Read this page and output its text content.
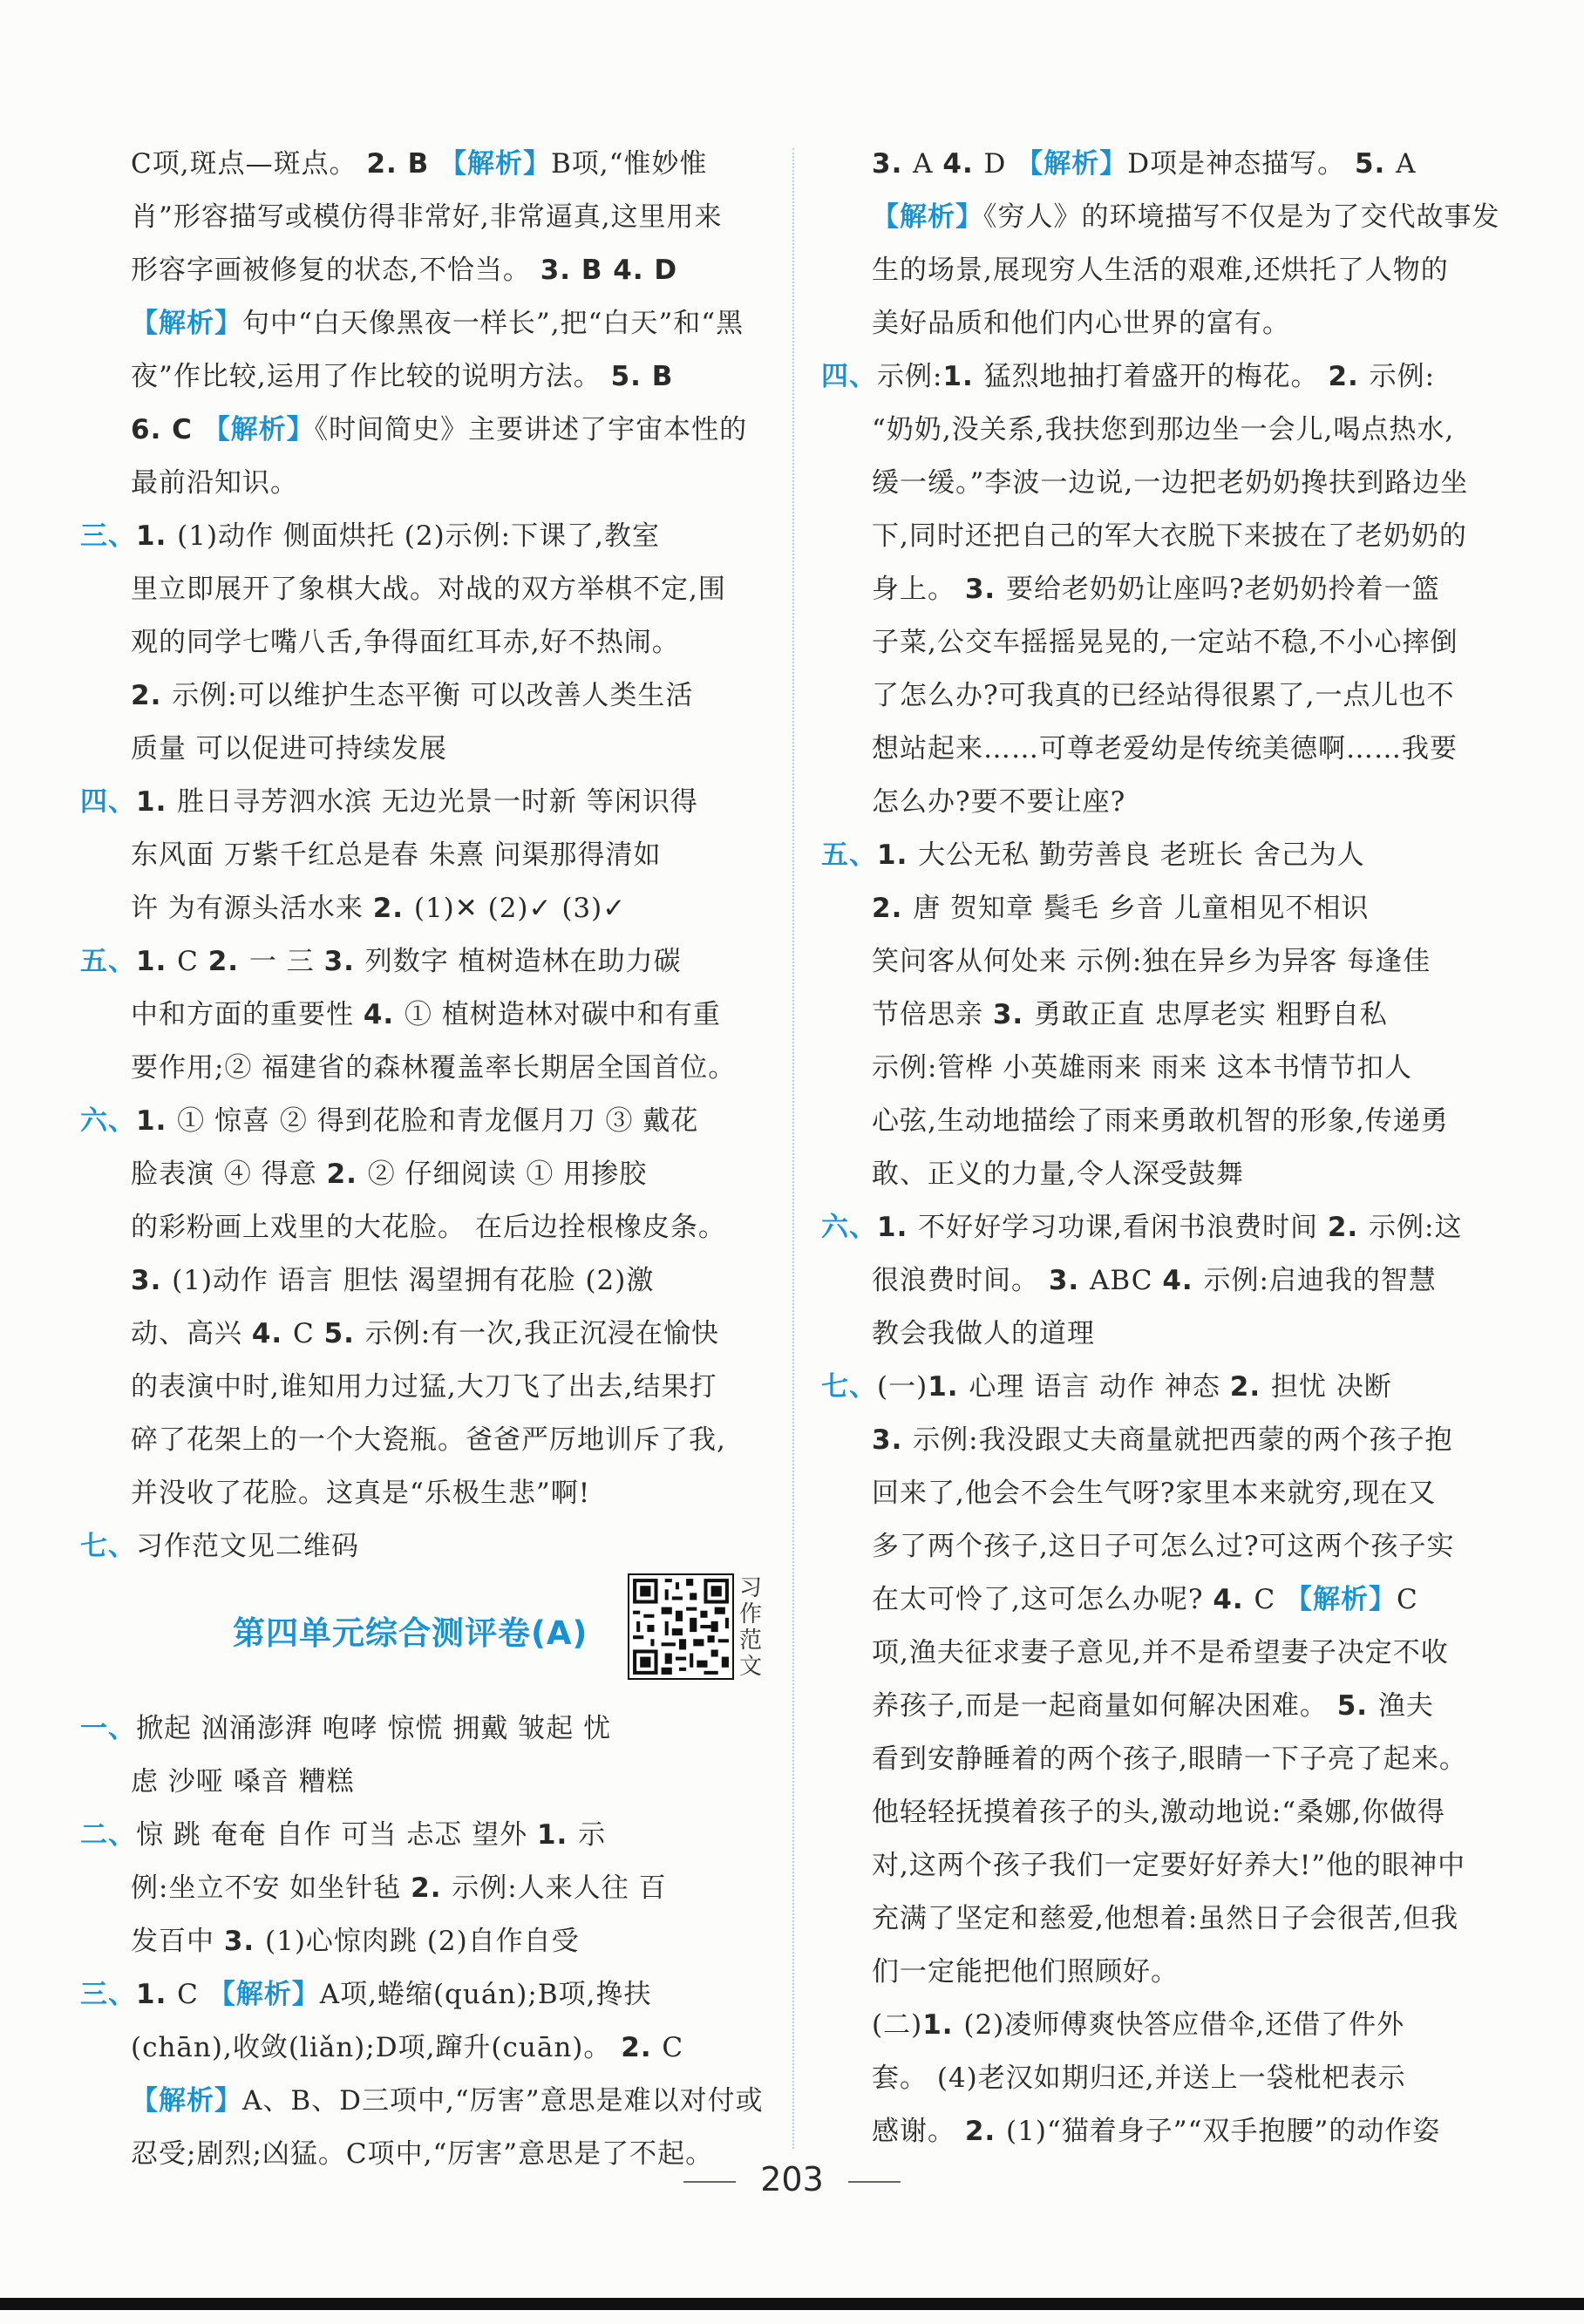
C项,斑点—斑点。 2. B 【解析】B项,“惟妙惟
肖”形容描写或模仿得非常好,非常逼真,这里用来
形容字画被修复的状态,不恰当。 3. B 4. D
【解析】句中“白天像黑夜一样长”,把“白天”和“黑
夜”作比较,运用了作比较的说明方法。 5. B
6. C 【解析】《时间简史》主要讲述了宇宙本性的
最前沿知识。
三、1. (1)动作 侧面烘托 (2)示例:下课了,教室
里立即展开了象棋大战。对战的双方举棋不定,围
观的同学七嘴八舌,争得面红耳赤,好不热闹。
2. 示例:可以维护生态平衡 可以改善人类生活
质量 可以促进可持续发展
四、1. 胜日寻芳泗水滨 无边光景一时新 等闲识得
东风面 万紫千红总是春 朱熹 问渠那得清如
许 为有源头活水来 2. (1)✕ (2)✓ (3)✓
五、1. C 2. 一 三 3. 列数字 植树造林在助力碳
中和方面的重要性 4. ① 植树造林对碳中和有重
要作用;② 福建省的森林覆盖率长期居全国首位。
六、1. ① 惊喜 ② 得到花脸和青龙偃月刀 ③ 戴花
脸表演 ④ 得意 2. ② 仔细阅读 ① 用掺胶
的彩粉画上戏里的大花脸。 在后边拴根橡皮条。
3. (1)动作 语言 胆怯 渴望拥有花脸 (2)激
动、高兴 4. C 5. 示例:有一次,我正沉浸在愉快
的表演中时,谁知用力过猛,大刀飞了出去,结果打
碎了花架上的一个大瓷瓶。爸爸严厉地训斥了我,
并没收了花脸。这真是“乐极生悲”啊!
七、习作范文见二维码
第四单元综合测评卷(A)
习
作
范
文
一、掀起 汹涌澎湃 咆哮 惊慌 拥戴 皱起 忧
虑 沙哑 嗓音 糟糕
二、惊 跳 奄奄 自作 可当 忐忑 望外 1. 示
例:坐立不安 如坐针毡 2. 示例:人来人往 百
发百中 3. (1)心惊肉跳 (2)自作自受
三、1. C 【解析】A项,蜷缩(quán);B项,搀扶
(chān),收敛(liǎn);D项,蹿升(cuān)。 2. C
【解析】A、B、D三项中,“厉害”意思是难以对付或
忍受;剧烈;凶猛。C项中,“厉害”意思是了不起。
3. A 4. D 【解析】D项是神态描写。 5. A
【解析】《穷人》的环境描写不仅是为了交代故事发
生的场景,展现穷人生活的艰难,还烘托了人物的
美好品质和他们内心世界的富有。
四、示例:1. 猛烈地抽打着盛开的梅花。 2. 示例:
“奶奶,没关系,我扶您到那边坐一会儿,喝点热水,
缓一缓。”李波一边说,一边把老奶奶搀扶到路边坐
下,同时还把自己的军大衣脱下来披在了老奶奶的
身上。 3. 要给老奶奶让座吗?老奶奶拎着一篮
子菜,公交车摇摇晃晃的,一定站不稳,不小心摔倒
了怎么办?可我真的已经站得很累了,一点儿也不
想站起来……可尊老爱幼是传统美德啊……我要
怎么办?要不要让座?
五、1. 大公无私 勤劳善良 老班长 舍己为人
2. 唐 贺知章 鬓毛 乡音 儿童相见不相识
笑问客从何处来 示例:独在异乡为异客 每逢佳
节倍思亲 3. 勇敢正直 忠厚老实 粗野自私
示例:管桦 小英雄雨来 雨来 这本书情节扣人
心弦,生动地描绘了雨来勇敢机智的形象,传递勇
敢、正义的力量,令人深受鼓舞
六、1. 不好好学习功课,看闲书浪费时间 2. 示例:这
很浪费时间。 3. ABC 4. 示例:启迪我的智慧
教会我做人的道理
七、(一)1. 心理 语言 动作 神态 2. 担忧 决断
3. 示例:我没跟丈夫商量就把西蒙的两个孩子抱
回来了,他会不会生气呀?家里本来就穷,现在又
多了两个孩子,这日子可怎么过?可这两个孩子实
在太可怜了,这可怎么办呢? 4. C 【解析】C
项,渔夫征求妻子意见,并不是希望妻子决定不收
养孩子,而是一起商量如何解决困难。 5. 渔夫
看到安静睡着的两个孩子,眼睛一下子亮了起来。
他轻轻抚摸着孩子的头,激动地说:“桑娜,你做得
对,这两个孩子我们一定要好好养大!”他的眼神中
充满了坚定和慈爱,他想着:虽然日子会很苦,但我
们一定能把他们照顾好。
(二)1. (2)凌师傅爽快答应借伞,还借了件外
套。 (4)老汉如期归还,并送上一袋枇杷表示
感谢。 2. (1)“猫着身子”“双手抱腰”的动作姿
203
